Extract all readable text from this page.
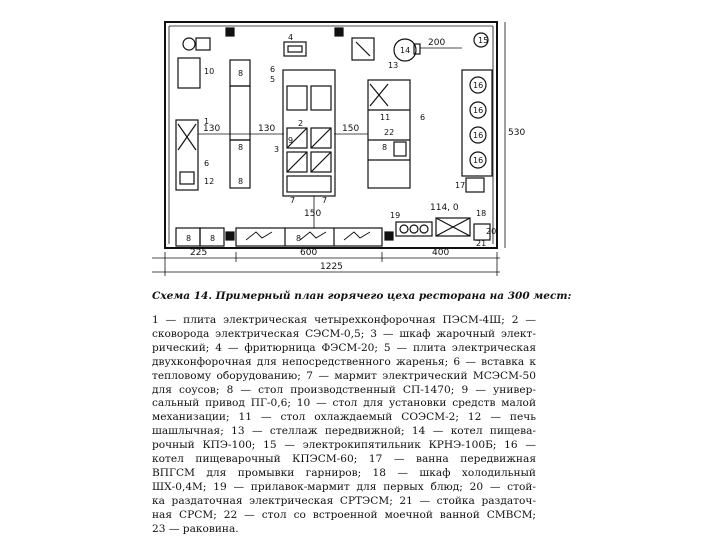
225	600	400
1225
200
130	130	150
150
114, 0
530
10
4
13
14
15
5
6
6
6
7	7
16
16
16
16
11
1
3
8
8
8
8
8 8	8
9
12	17
18
19
20
21
22
2
Схема 14. Примерный план горячего цеха ресторана на 300 мест:
1 — плита электрическая четырехконфорочная ПЭСМ-4Ш; 2 —
сковорода электрическая СЭСМ-0,5; 3 — шкаф жарочный элект-
рический; 4 — фритюрница ФЭСМ-20; 5 — плита электрическая
двухконфорочная для непосредственного жаренья; 6 — вставка к
тепловому оборудованию; 7 — мармит электрический МСЭСМ-50
для соусов; 8 — стол производственный СП-1470; 9 — универ-
сальный привод ПГ-0,6; 10 — стол для установки средств малой
механизации; 11 — стол охлаждаемый СОЭСМ-2; 12 — печь
шашлычная; 13 — стеллаж передвижной; 14 — котел пищева-
рочный КПЭ-100; 15 — электрокипятильник КРНЭ-100Б; 16 —
котел пищеварочный КПЭСМ-60; 17 — ванна передвижная
ВПГСМ для промывки гарниров; 18 — шкаф холодильный
ШХ-0,4М; 19 — прилавок-мармит для первых блюд; 20 — стой-
ка раздаточная электрическая СРТЭСМ; 21 — стойка раздаточ-
ная СРСМ; 22 — стол со встроенной моечной ванной СМВСМ;
23 — раковина.
